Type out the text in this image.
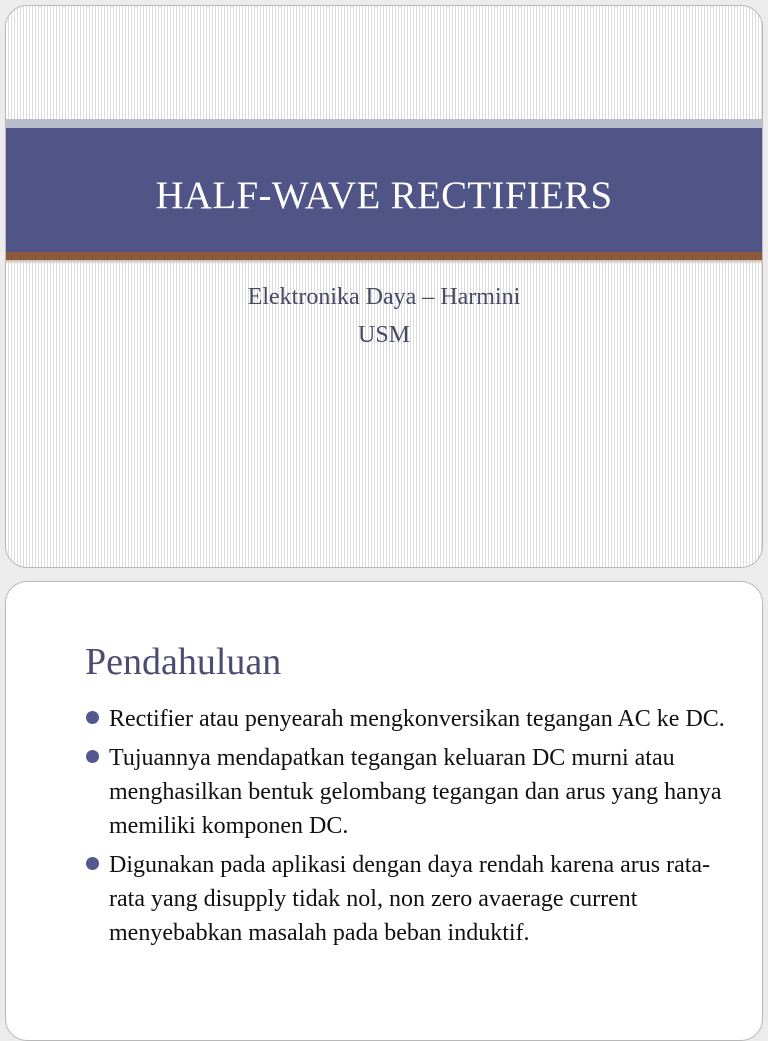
HALF-WAVE RECTIFIERS
Elektronika Daya – Harmini
USM
Pendahuluan
Rectifier atau penyearah mengkonversikan tegangan AC ke DC.
Tujuannya mendapatkan tegangan keluaran DC murni atau menghasilkan bentuk gelombang tegangan dan arus yang hanya memiliki komponen DC.
Digunakan pada aplikasi dengan daya rendah karena arus rata-rata yang disupply tidak nol, non zero avaerage current menyebabkan masalah pada beban induktif.
